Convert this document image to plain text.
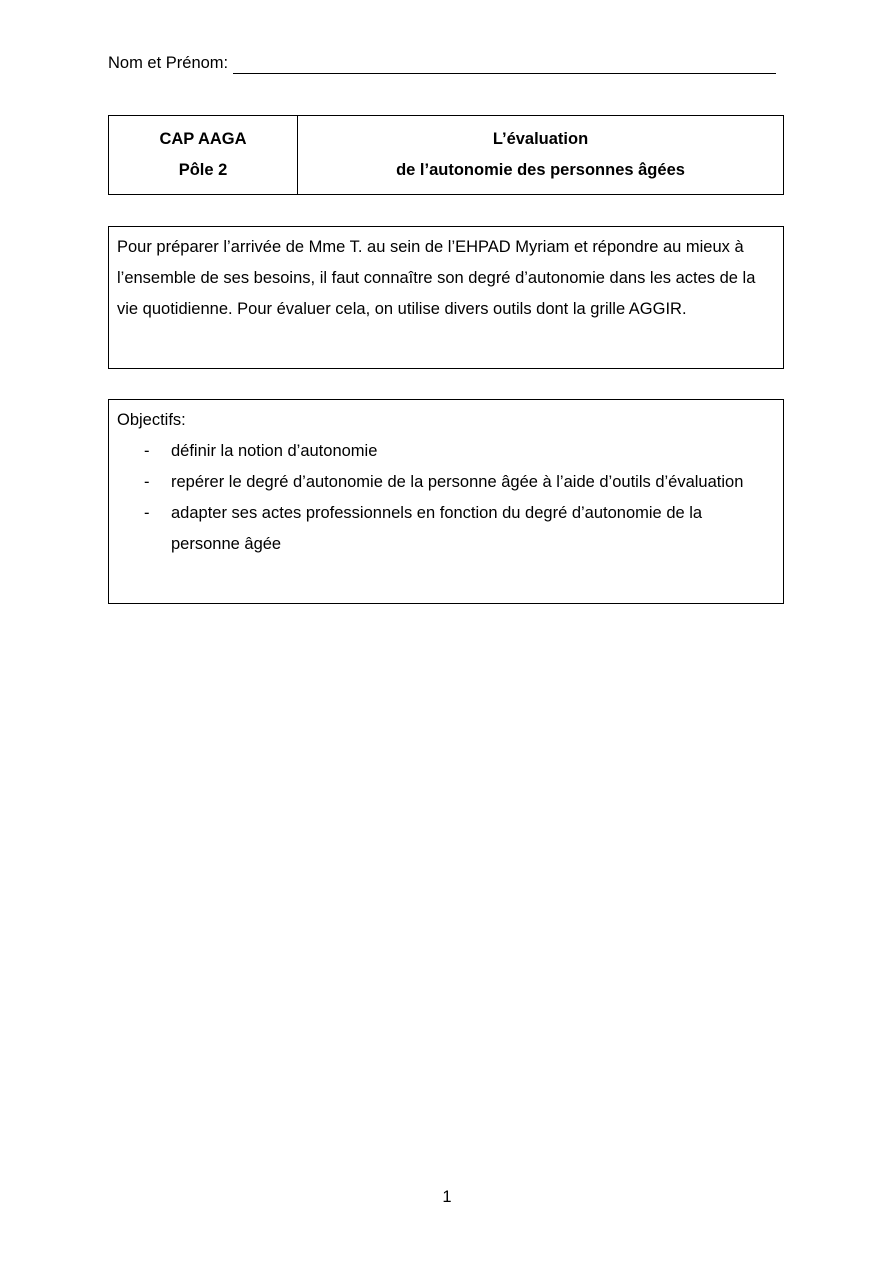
Nom et Prénom:
CAP AAGA
Pôle 2
L’évaluation
de l’autonomie des personnes âgées

Pour préparer l’arrivée de Mme T. au sein de l’EHPAD Myriam et répondre au mieux à l’ensemble de ses besoins, il faut connaître son degré d’autonomie dans les actes de la vie quotidienne. Pour évaluer cela, on utilise divers outils dont la grille AGGIR.

Objectifs:
- définir la notion d’autonomie
- repérer le degré d’autonomie de la personne âgée à l’aide d’outils d’évaluation
- adapter ses actes professionnels en fonction du degré d’autonomie de la personne âgée
1
